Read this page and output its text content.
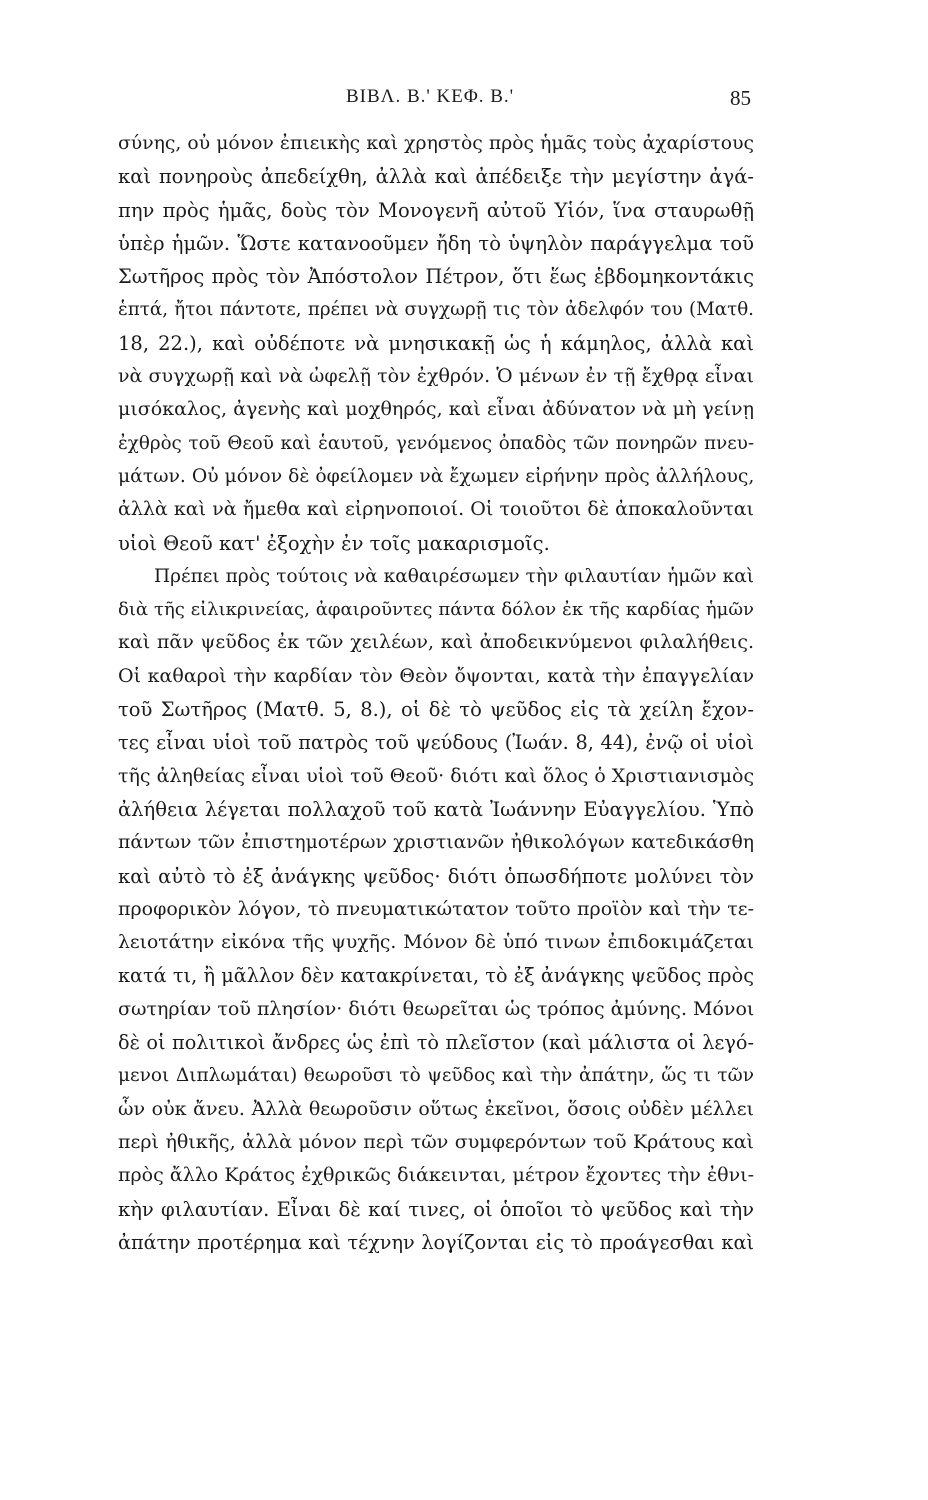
ΒΙΒΛ. Β.' ΚΕΦ. Β.'	85
σύνης, οὐ μόνον ἐπιεικὴς καὶ χρηστὸς πρὸς ἡμᾶς τοὺς ἀχαρίστους
καὶ πονηροὺς ἀπεδείχθη, ἀλλὰ καὶ ἀπέδειξε τὴν μεγίστην ἀγά-
πην πρὸς ἡμᾶς, δοὺς τὸν Μονογενῆ αὐτοῦ Υἱόν, ἵνα σταυρωθῇ
ὑπὲρ ἡμῶν. Ὥστε κατανοοῦμεν ἤδη τὸ ὑψηλὸν παράγγελμα τοῦ
Σωτῆρος πρὸς τὸν Ἀπόστολον Πέτρον, ὅτι ἕως ἑβδομηκοντάκις
ἑπτά, ἤτοι πάντοτε, πρέπει νὰ συγχωρῇ τις τὸν ἀδελφόν του (Ματθ.
18, 22.), καὶ οὐδέποτε νὰ μνησικακῇ ὡς ἡ κάμηλος, ἀλλὰ καὶ
νὰ συγχωρῇ καὶ νὰ ὠφελῇ τὸν ἐχθρόν. Ὁ μένων ἐν τῇ ἔχθρᾳ εἶναι
μισόκαλος, ἀγενὴς καὶ μοχθηρός, καὶ εἶναι ἀδύνατον νὰ μὴ γείνῃ
ἐχθρὸς τοῦ Θεοῦ καὶ ἑαυτοῦ, γενόμενος ὀπαδὸς τῶν πονηρῶν πνευ-
μάτων. Οὐ μόνον δὲ ὀφείλομεν νὰ ἔχωμεν εἰρήνην πρὸς ἀλλήλους,
ἀλλὰ καὶ νὰ ἤμεθα καὶ εἰρηνοποιοί. Οἱ τοιοῦτοι δὲ ἀποκαλοῦνται
υἱοὶ Θεοῦ κατ' ἐξοχὴν ἐν τοῖς μακαρισμοῖς.
Πρέπει πρὸς τούτοις νὰ καθαιρέσωμεν τὴν φιλαυτίαν ἡμῶν καὶ
διὰ τῆς εἰλικρινείας, ἀφαιροῦντες πάντα δόλον ἐκ τῆς καρδίας ἡμῶν
καὶ πᾶν ψεῦδος ἐκ τῶν χειλέων, καὶ ἀποδεικνύμενοι φιλαλήθεις.
Οἱ καθαροὶ τὴν καρδίαν τὸν Θεὸν ὄψονται, κατὰ τὴν ἐπαγγελίαν
τοῦ Σωτῆρος (Ματθ. 5, 8.), οἱ δὲ τὸ ψεῦδος εἰς τὰ χείλη ἔχον-
τες εἶναι υἱοὶ τοῦ πατρὸς τοῦ ψεύδους (Ἰωάν. 8, 44), ἐνῷ οἱ υἱοὶ
τῆς ἀληθείας εἶναι υἱοὶ τοῦ Θεοῦ· διότι καὶ ὅλος ὁ Χριστιανισμὸς
ἀλήθεια λέγεται πολλαχοῦ τοῦ κατὰ Ἰωάννην Εὐαγγελίου. Ὑπὸ
πάντων τῶν ἐπιστημοτέρων χριστιανῶν ἠθικολόγων κατεδικάσθη
καὶ αὐτὸ τὸ ἐξ ἀνάγκης ψεῦδος· διότι ὁπωσδήποτε μολύνει τὸν
προφορικὸν λόγον, τὸ πνευματικώτατον τοῦτο προϊὸν καὶ τὴν τε-
λειοτάτην εἰκόνα τῆς ψυχῆς. Μόνον δὲ ὑπό τινων ἐπιδοκιμάζεται
κατά τι, ἢ μᾶλλον δὲν κατακρίνεται, τὸ ἐξ ἀνάγκης ψεῦδος πρὸς
σωτηρίαν τοῦ πλησίον· διότι θεωρεῖται ὡς τρόπος ἀμύνης. Μόνοι
δὲ οἱ πολιτικοὶ ἄνδρες ὡς ἐπὶ τὸ πλεῖστον (καὶ μάλιστα οἱ λεγό-
μενοι Διπλωμάται) θεωροῦσι τὸ ψεῦδος καὶ τὴν ἀπάτην, ὥς τι τῶν
ὧν οὐκ ἄνευ. Ἀλλὰ θεωροῦσιν οὕτως ἐκεῖνοι, ὅσοις οὐδὲν μέλλει
περὶ ἠθικῆς, ἀλλὰ μόνον περὶ τῶν συμφερόντων τοῦ Κράτους καὶ
πρὸς ἄλλο Κράτος ἐχθρικῶς διάκεινται, μέτρον ἔχοντες τὴν ἐθνι-
κὴν φιλαυτίαν. Εἶναι δὲ καί τινες, οἱ ὁποῖοι τὸ ψεῦδος καὶ τὴν
ἀπάτην προτέρημα καὶ τέχνην λογίζονται εἰς τὸ προάγεσθαι καὶ
